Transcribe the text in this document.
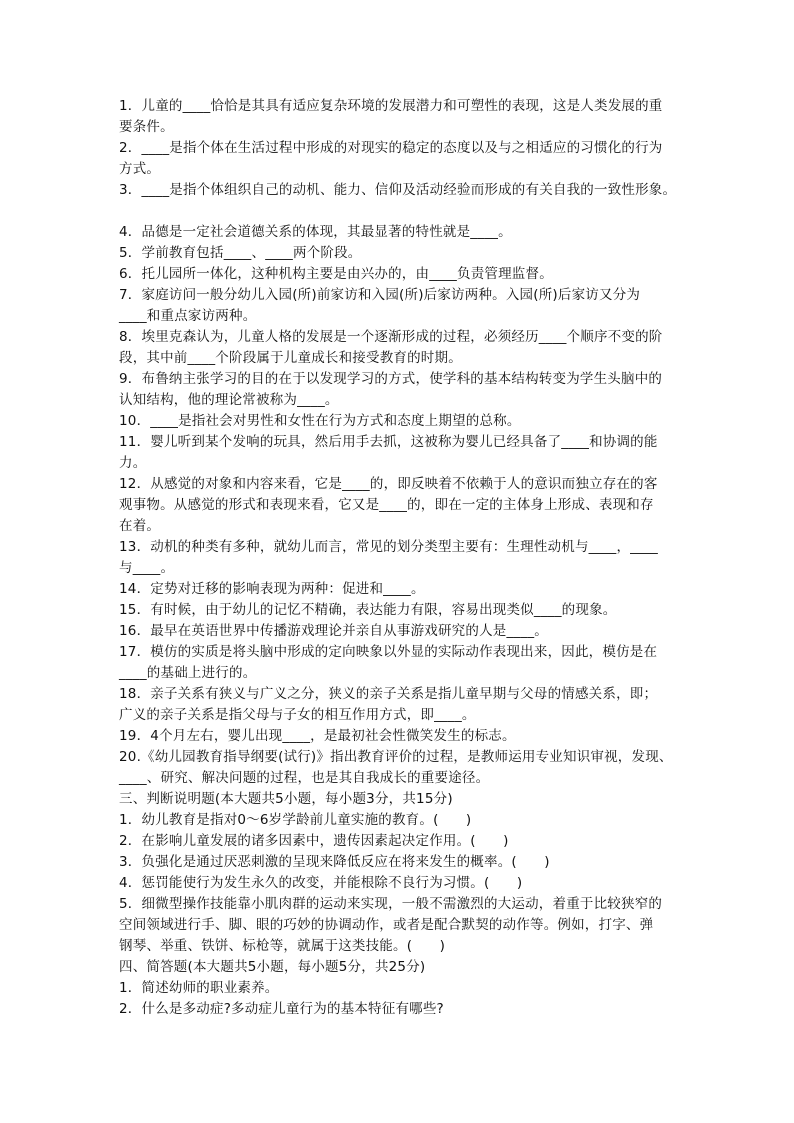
1．儿童的____恰恰是其具有适应复杂环境的发展潜力和可塑性的表现，这是人类发展的重

要条件。

2．____是指个体在生活过程中形成的对现实的稳定的态度以及与之相适应的习惯化的行为

方式。

3．____是指个体组织自己的动机、能力、信仰及活动经验而形成的有关自我的一致性形象。

4．品德是一定社会道德关系的体现，其最显著的特性就是____。

5．学前教育包括____、____两个阶段。

6．托儿园所一体化，这种机构主要是由兴办的，由____负责管理监督。

7．家庭访问一般分幼儿入园(所)前家访和入园(所)后家访两种。入园(所)后家访又分为

____和重点家访两种。

8．埃里克森认为，儿童人格的发展是一个逐渐形成的过程，必须经历____个顺序不变的阶

段，其中前____个阶段属于儿童成长和接受教育的时期。

9．布鲁纳主张学习的目的在于以发现学习的方式，使学科的基本结构转变为学生头脑中的

认知结构，他的理论常被称为____。

10．____是指社会对男性和女性在行为方式和态度上期望的总称。

11．婴儿听到某个发响的玩具，然后用手去抓，这被称为婴儿已经具备了____和协调的能

力。

12．从感觉的对象和内容来看，它是____的，即反映着不依赖于人的意识而独立存在的客

观事物。从感觉的形式和表现来看，它又是____的，即在一定的主体身上形成、表现和存

在着。

13．动机的种类有多种，就幼儿而言，常见的划分类型主要有：生理性动机与____，____

与____。

14．定势对迁移的影响表现为两种：促进和____。

15．有时候，由于幼儿的记忆不精确，表达能力有限，容易出现类似____的现象。

16．最早在英语世界中传播游戏理论并亲自从事游戏研究的人是____。

17．模仿的实质是将头脑中形成的定向映象以外显的实际动作表现出来，因此，模仿是在

____的基础上进行的。

18．亲子关系有狭义与广义之分，狭义的亲子关系是指儿童早期与父母的情感关系，即；

广义的亲子关系是指父母与子女的相互作用方式，即____。

19．4个月左右，婴儿出现____，是最初社会性微笑发生的标志。

20.《幼儿园教育指导纲要(试行)》指出教育评价的过程，是教师运用专业知识审视，发现、

____、研究、解决问题的过程，也是其自我成长的重要途径。

三、判断说明题(本大题共5小题，每小题3分，共15分)

1．幼儿教育是指对0～6岁学龄前儿童实施的教育。(　　)

2．在影响儿童发展的诸多因素中，遗传因素起决定作用。(　　)

3．负强化是通过厌恶刺激的呈现来降低反应在将来发生的概率。(　　)

4．惩罚能使行为发生永久的改变，并能根除不良行为习惯。(　　)

5．细微型操作技能靠小肌肉群的运动来实现，一般不需激烈的大运动，着重于比较狭窄的

空间领域进行手、脚、眼的巧妙的协调动作，或者是配合默契的动作等。例如，打字、弹

钢琴、举重、铁饼、标枪等，就属于这类技能。(　　)

四、简答题(本大题共5小题，每小题5分，共25分)

1．简述幼师的职业素养。

2．什么是多动症?多动症儿童行为的基本特征有哪些?
